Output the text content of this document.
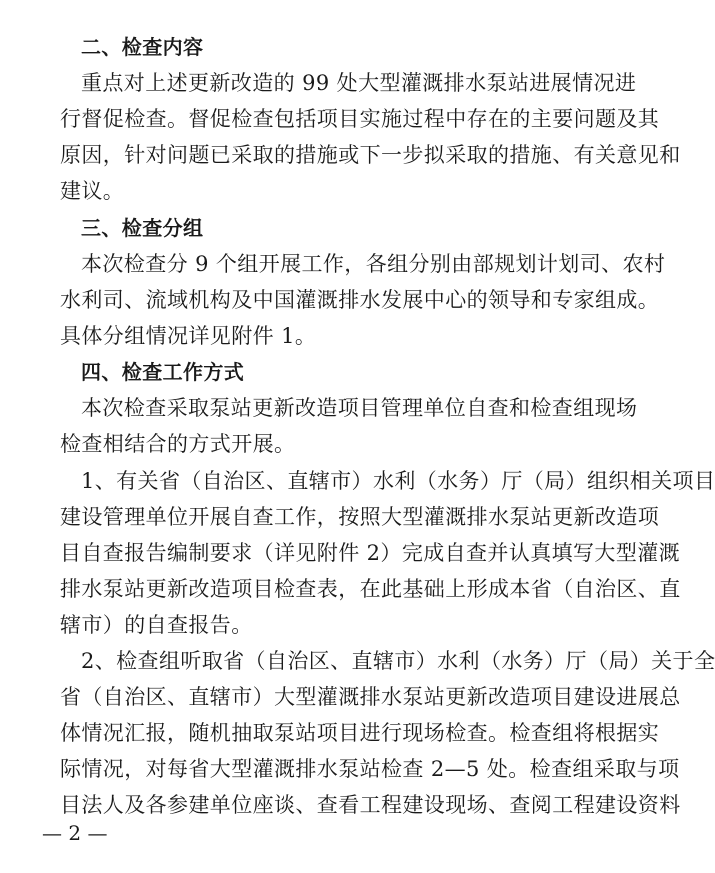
二、检查内容
重点对上述更新改造的 99 处大型灌溉排水泵站进展情况进
行督促检查。督促检查包括项目实施过程中存在的主要问题及其
原因，针对问题已采取的措施或下一步拟采取的措施、有关意见和
建议。
三、检查分组
本次检查分 9 个组开展工作，各组分别由部规划计划司、农村
水利司、流域机构及中国灌溉排水发展中心的领导和专家组成。
具体分组情况详见附件 1。
四、检查工作方式
本次检查采取泵站更新改造项目管理单位自查和检查组现场
检查相结合的方式开展。
1、有关省（自治区、直辖市）水利（水务）厅（局）组织相关项目
建设管理单位开展自查工作，按照大型灌溉排水泵站更新改造项
目自查报告编制要求（详见附件 2）完成自查并认真填写大型灌溉
排水泵站更新改造项目检查表，在此基础上形成本省（自治区、直
辖市）的自查报告。
2、检查组听取省（自治区、直辖市）水利（水务）厅（局）关于全
省（自治区、直辖市）大型灌溉排水泵站更新改造项目建设进展总
体情况汇报，随机抽取泵站项目进行现场检查。检查组将根据实
际情况，对每省大型灌溉排水泵站检查 2—5 处。检查组采取与项
目法人及各参建单位座谈、查看工程建设现场、查阅工程建设资料
— 2 —
